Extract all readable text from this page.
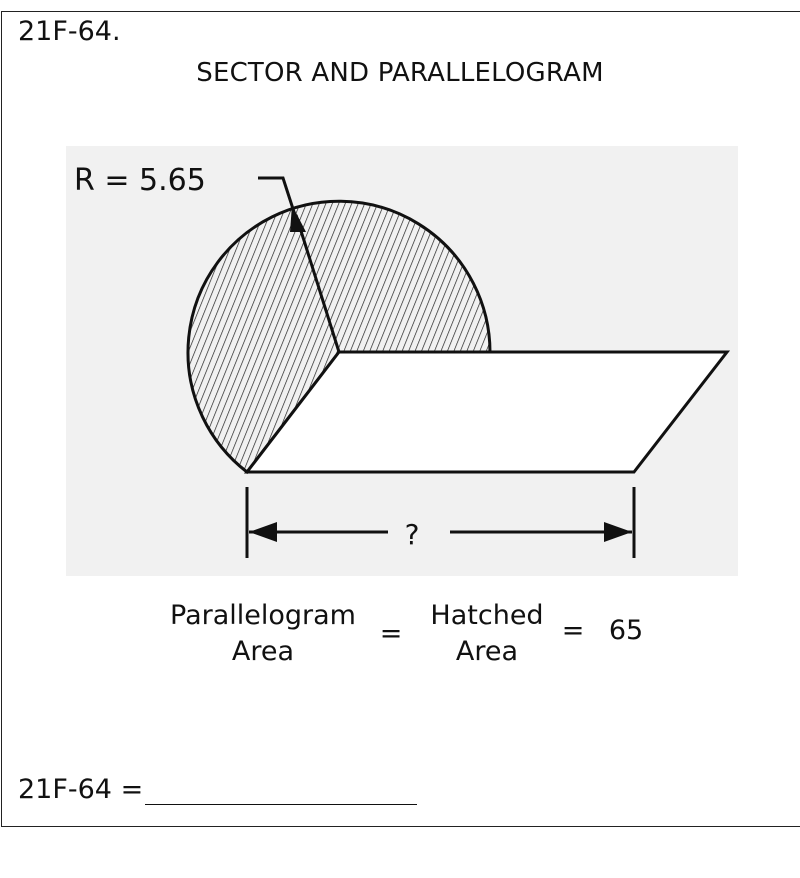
21F-64.
SECTOR AND PARALLELOGRAM
R = 5.65
?
Parallelogram
Area
=
Hatched
Area
= 65
21F-64 =
